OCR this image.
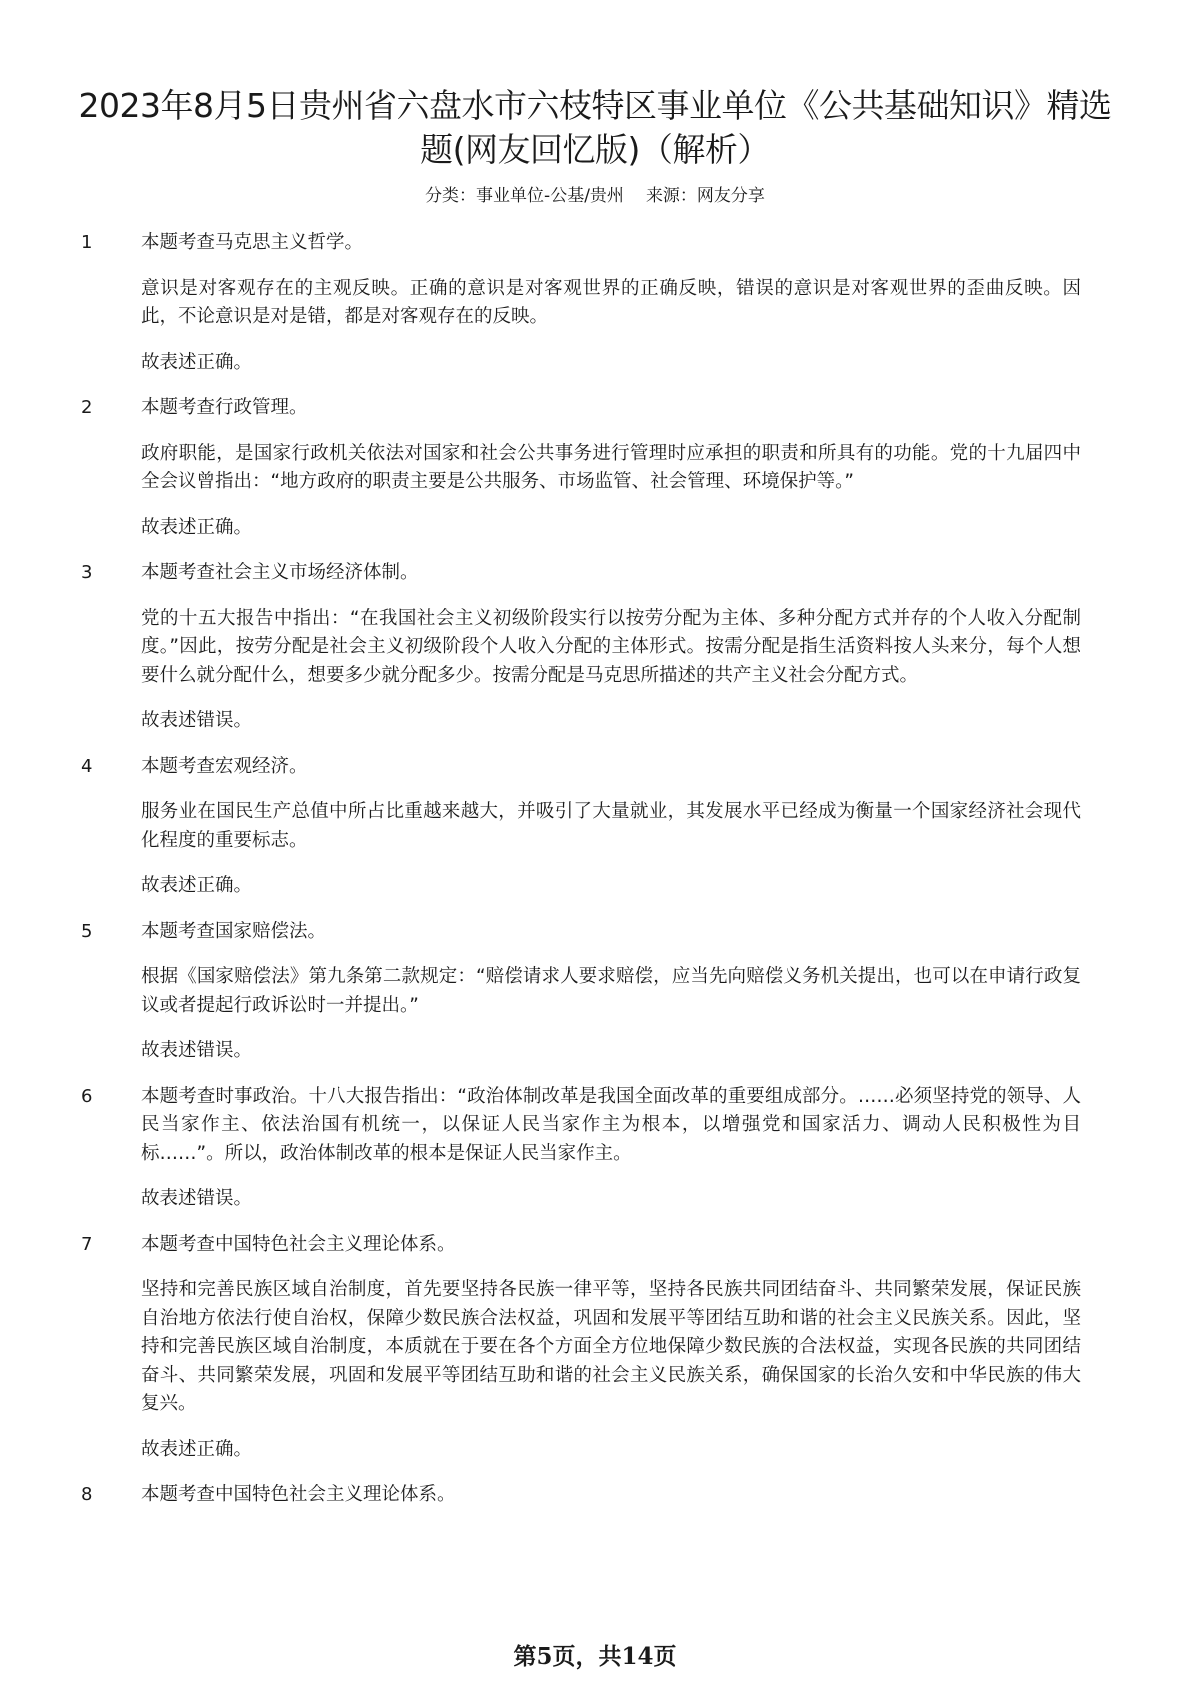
2023年8月5日贵州省六盘水市六枝特区事业单位《公共基础知识》精选题(网友回忆版)（解析）
分类：事业单位-公基/贵州 来源：网友分享
1	本题考查马克思主义哲学。

意识是对客观存在的主观反映。正确的意识是对客观世界的正确反映，错误的意识是对客观世界的歪曲反映。因此，不论意识是对是错，都是对客观存在的反映。

故表述正确。

2	本题考查行政管理。

政府职能，是国家行政机关依法对国家和社会公共事务进行管理时应承担的职责和所具有的功能。党的十九届四中全会议曾指出：“地方政府的职责主要是公共服务、市场监管、社会管理、环境保护等。”

故表述正确。

3	本题考查社会主义市场经济体制。

党的十五大报告中指出：“在我国社会主义初级阶段实行以按劳分配为主体、多种分配方式并存的个人收入分配制度。”因此，按劳分配是社会主义初级阶段个人收入分配的主体形式。按需分配是指生活资料按人头来分，每个人想要什么就分配什么，想要多少就分配多少。按需分配是马克思所描述的共产主义社会分配方式。

故表述错误。

4	本题考查宏观经济。

服务业在国民生产总值中所占比重越来越大，并吸引了大量就业，其发展水平已经成为衡量一个国家经济社会现代化程度的重要标志。

故表述正确。

5	本题考查国家赔偿法。

根据《国家赔偿法》第九条第二款规定：“赔偿请求人要求赔偿，应当先向赔偿义务机关提出，也可以在申请行政复议或者提起行政诉讼时一并提出。”

故表述错误。

6	本题考查时事政治。十八大报告指出：“政治体制改革是我国全面改革的重要组成部分。……必须坚持党的领导、人民当家作主、依法治国有机统一，以保证人民当家作主为根本，以增强党和国家活力、调动人民积极性为目标……”。所以，政治体制改革的根本是保证人民当家作主。

故表述错误。

7	本题考查中国特色社会主义理论体系。

坚持和完善民族区域自治制度，首先要坚持各民族一律平等，坚持各民族共同团结奋斗、共同繁荣发展，保证民族自治地方依法行使自治权，保障少数民族合法权益，巩固和发展平等团结互助和谐的社会主义民族关系。因此，坚持和完善民族区域自治制度，本质就在于要在各个方面全方位地保障少数民族的合法权益，实现各民族的共同团结奋斗、共同繁荣发展，巩固和发展平等团结互助和谐的社会主义民族关系，确保国家的长治久安和中华民族的伟大复兴。

故表述正确。

8	本题考查中国特色社会主义理论体系。

第5页，共14页
